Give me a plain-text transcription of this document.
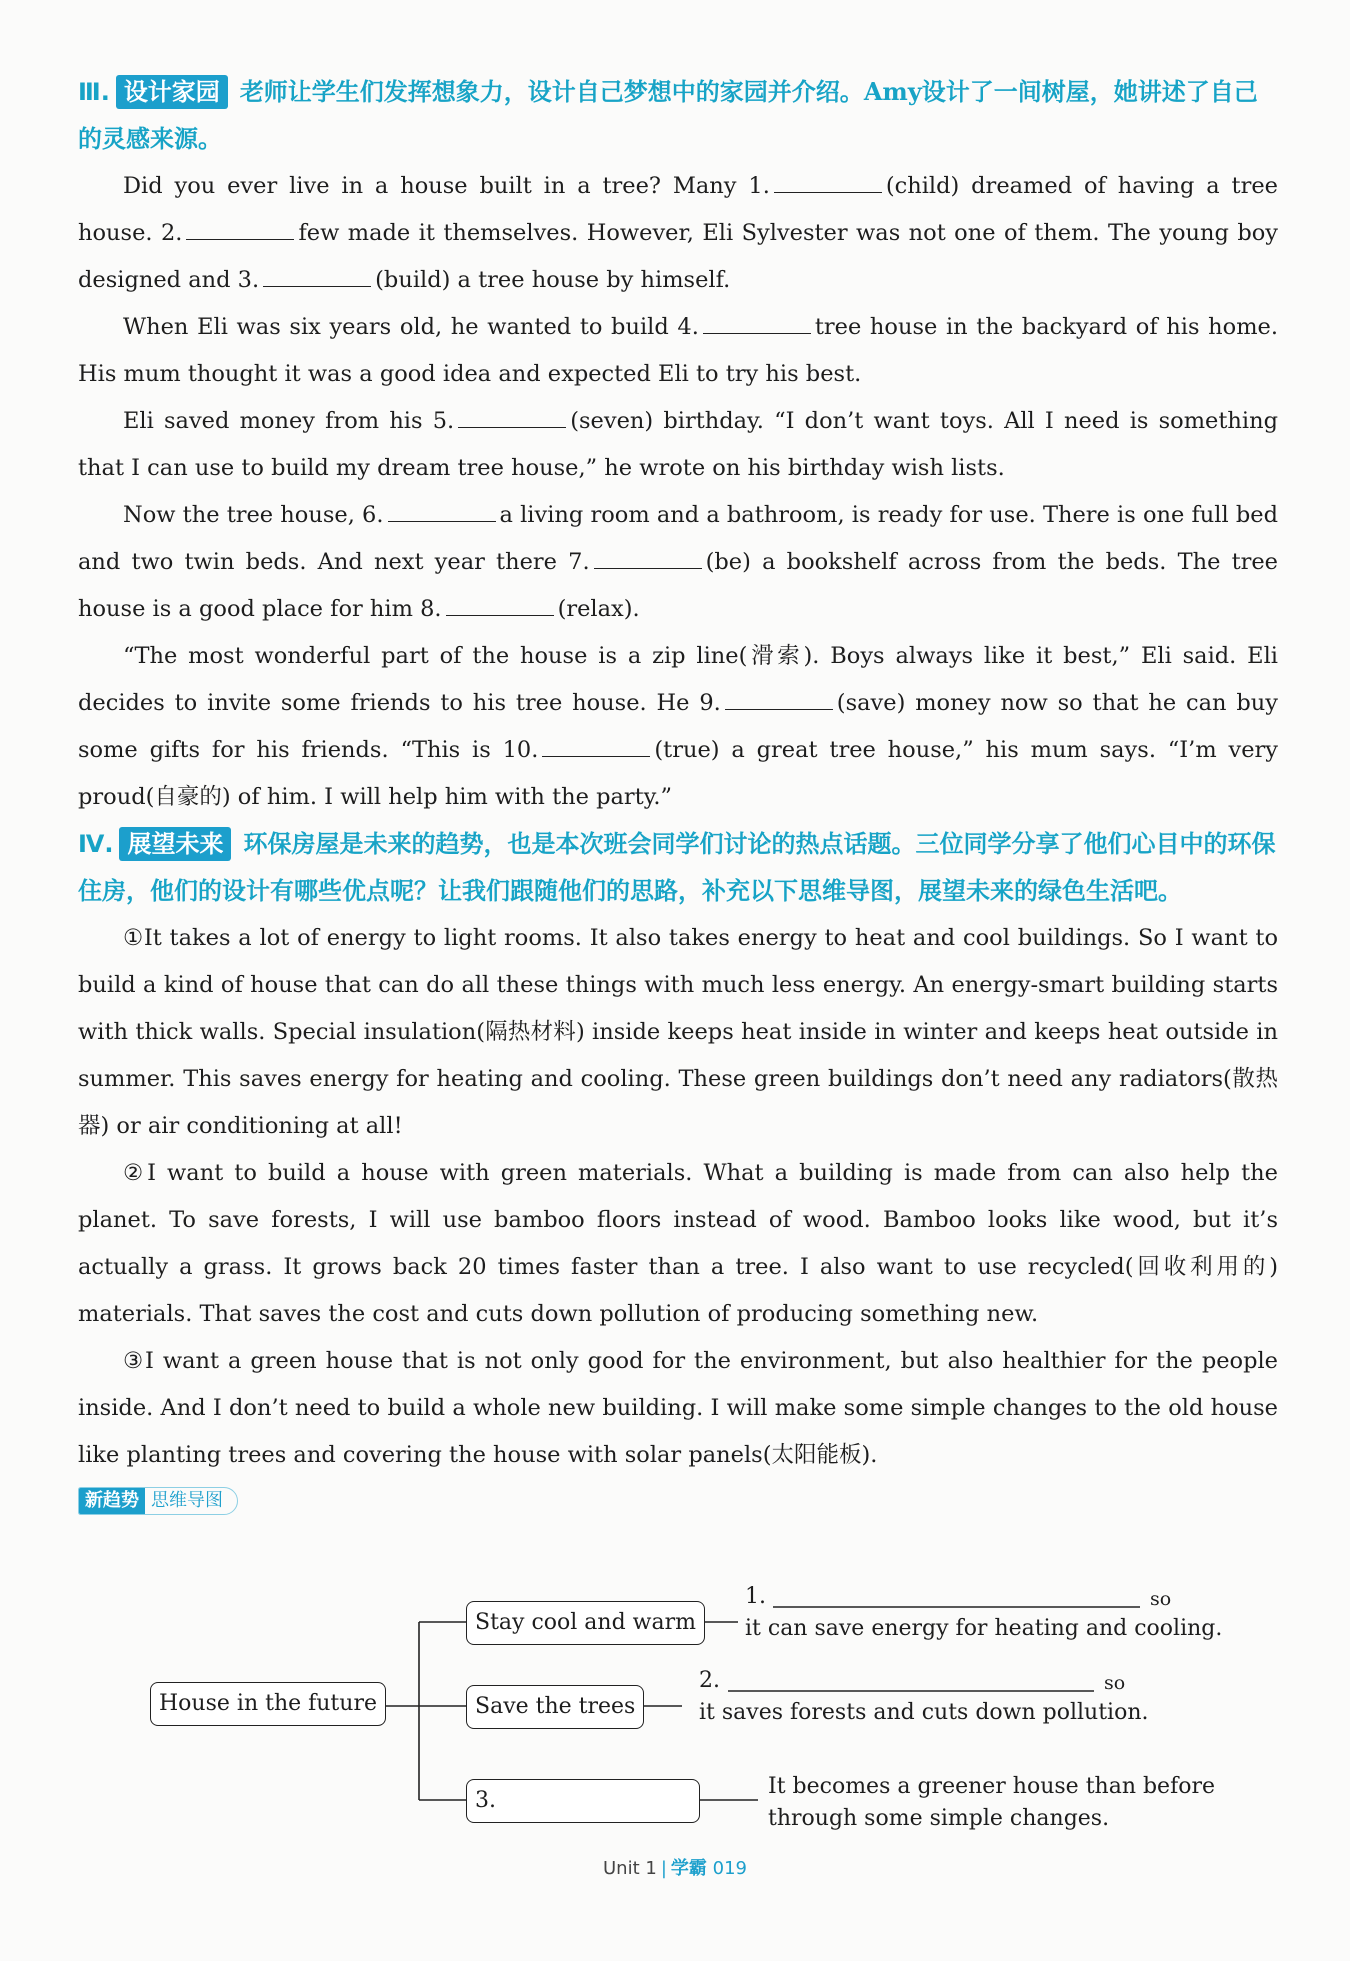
Ⅲ. 设计家园 老师让学生们发挥想象力，设计自己梦想中的家园并介绍。Amy设计了一间树屋，她讲述了自己的灵感来源。

Did you ever live in a house built in a tree? Many 1.	(child) dreamed of having a tree house. 2.	few made it themselves. However, Eli Sylvester was not one of them. The young boy designed and 3.	(build) a tree house by himself.

When Eli was six years old, he wanted to build 4.	tree house in the backyard of his home. His mum thought it was a good idea and expected Eli to try his best.

Eli saved money from his 5.	(seven) birthday. “I don’t want toys. All I need is something that I can use to build my dream tree house,” he wrote on his birthday wish lists.

Now the tree house, 6.	a living room and a bathroom, is ready for use. There is one full bed and two twin beds. And next year there 7.	(be) a bookshelf across from the beds. The tree house is a good place for him 8.	(relax).

“The most wonderful part of the house is a zip line(滑索). Boys always like it best,” Eli said. Eli decides to invite some friends to his tree house. He 9.	(save) money now so that he can buy some gifts for his friends. “This is 10.	(true) a great tree house,” his mum says. “I’m very proud(自豪的) of him. I will help him with the party.”

Ⅳ. 展望未来 环保房屋是未来的趋势，也是本次班会同学们讨论的热点话题。三位同学分享了他们心目中的环保住房，他们的设计有哪些优点呢？让我们跟随他们的思路，补充以下思维导图，展望未来的绿色生活吧。

①It takes a lot of energy to light rooms. It also takes energy to heat and cool buildings. So I want to build a kind of house that can do all these things with much less energy. An energy-smart building starts with thick walls. Special insulation(隔热材料) inside keeps heat inside in winter and keeps heat outside in summer. This saves energy for heating and cooling. These green buildings don’t need any radiators(散热器) or air conditioning at all!

②I want to build a house with green materials. What a building is made from can also help the planet. To save forests, I will use bamboo floors instead of wood. Bamboo looks like wood, but it’s actually a grass. It grows back 20 times faster than a tree. I also want to use recycled(回收利用的) materials. That saves the cost and cuts down pollution of producing something new.

③I want a green house that is not only good for the environment, but also healthier for the people inside. And I don’t need to build a whole new building. I will make some simple changes to the old house like planting trees and covering the house with solar panels(太阳能板).

新趋势 思维导图
House in the future
Stay cool and warm
Save the trees
3.
1.	so
it can save energy for heating and cooling.
2.	so
it saves forests and cuts down pollution.
It becomes a greener house than before
through some simple changes.
Unit 1 | 学霸 019
